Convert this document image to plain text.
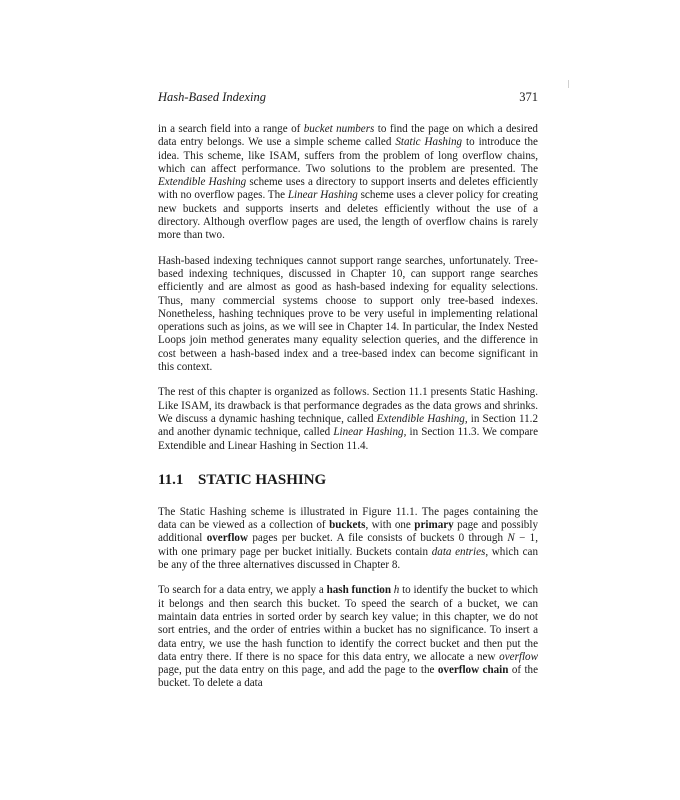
Hash-Based Indexing	371

in a search field into a range of bucket numbers to find the page on which a desired data entry belongs. We use a simple scheme called Static Hashing to introduce the idea. This scheme, like ISAM, suffers from the problem of long overflow chains, which can affect performance. Two solutions to the problem are presented. The Extendible Hashing scheme uses a directory to support inserts and deletes efficiently with no overflow pages. The Linear Hashing scheme uses a clever policy for creating new buckets and supports inserts and deletes efficiently without the use of a directory. Although overflow pages are used, the length of overflow chains is rarely more than two.

Hash-based indexing techniques cannot support range searches, unfortunately. Tree-based indexing techniques, discussed in Chapter 10, can support range searches efficiently and are almost as good as hash-based indexing for equality selections. Thus, many commercial systems choose to support only tree-based indexes. Nonetheless, hashing techniques prove to be very useful in implementing relational operations such as joins, as we will see in Chapter 14. In particular, the Index Nested Loops join method generates many equality selection queries, and the difference in cost between a hash-based index and a tree-based index can become significant in this context.

The rest of this chapter is organized as follows. Section 11.1 presents Static Hashing. Like ISAM, its drawback is that performance degrades as the data grows and shrinks. We discuss a dynamic hashing technique, called Extendible Hashing, in Section 11.2 and another dynamic technique, called Linear Hashing, in Section 11.3. We compare Extendible and Linear Hashing in Section 11.4.

11.1 STATIC HASHING

The Static Hashing scheme is illustrated in Figure 11.1. The pages containing the data can be viewed as a collection of buckets, with one primary page and possibly additional overflow pages per bucket. A file consists of buckets 0 through N − 1, with one primary page per bucket initially. Buckets contain data entries, which can be any of the three alternatives discussed in Chapter 8.

To search for a data entry, we apply a hash function h to identify the bucket to which it belongs and then search this bucket. To speed the search of a bucket, we can maintain data entries in sorted order by search key value; in this chapter, we do not sort entries, and the order of entries within a bucket has no significance. To insert a data entry, we use the hash function to identify the correct bucket and then put the data entry there. If there is no space for this data entry, we allocate a new overflow page, put the data entry on this page, and add the page to the overflow chain of the bucket. To delete a data
